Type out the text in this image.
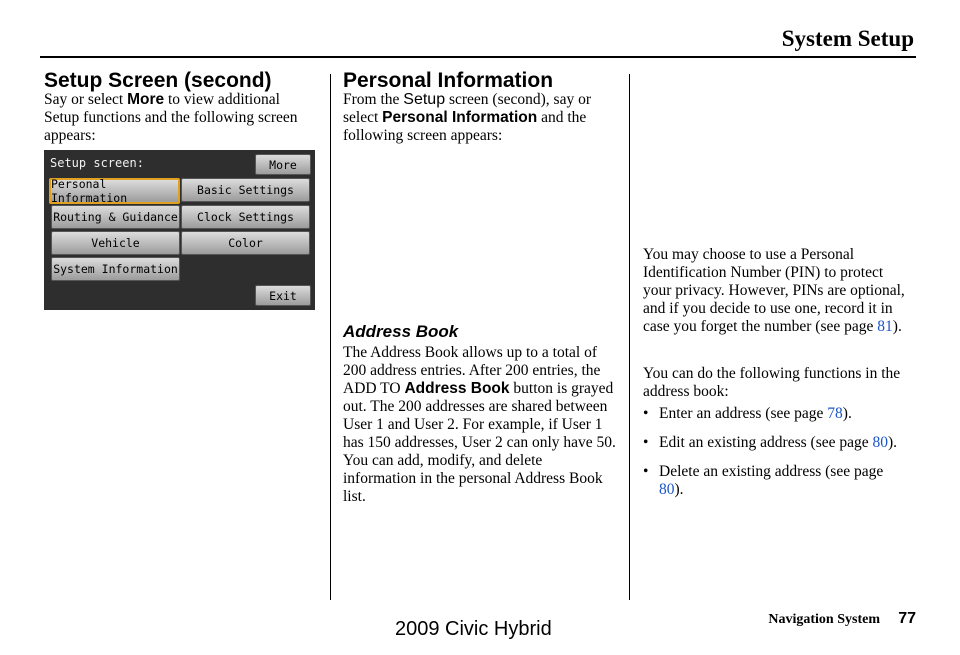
System Setup
Setup Screen (second)
Say or select More to view additional Setup functions and the following screen appears:
Setup screen:	More
Personal Information
Basic Settings
Routing & Guidance	Clock Settings
Vehicle	Color
System Information
Exit
Personal Information
From the Setup screen (second), say or select Personal Information and the following screen appears:
Address Book
The Address Book allows up to a total of 200 address entries. After 200 entries, the ADD TO Address Book button is grayed out. The 200 addresses are shared between User 1 and User 2. For example, if User 1 has 150 addresses, User 2 can only have 50.
You can add, modify, and delete information in the personal Address Book list.
You may choose to use a Personal Identification Number (PIN) to protect your privacy. However, PINs are optional, and if you decide to use one, record it in case you forget the number (see page 81).
You can do the following functions in the address book:
• Enter an address (see page 78).
• Edit an existing address (see page 80).
• Delete an existing address (see page 80).
Navigation System 77
2009 Civic Hybrid
